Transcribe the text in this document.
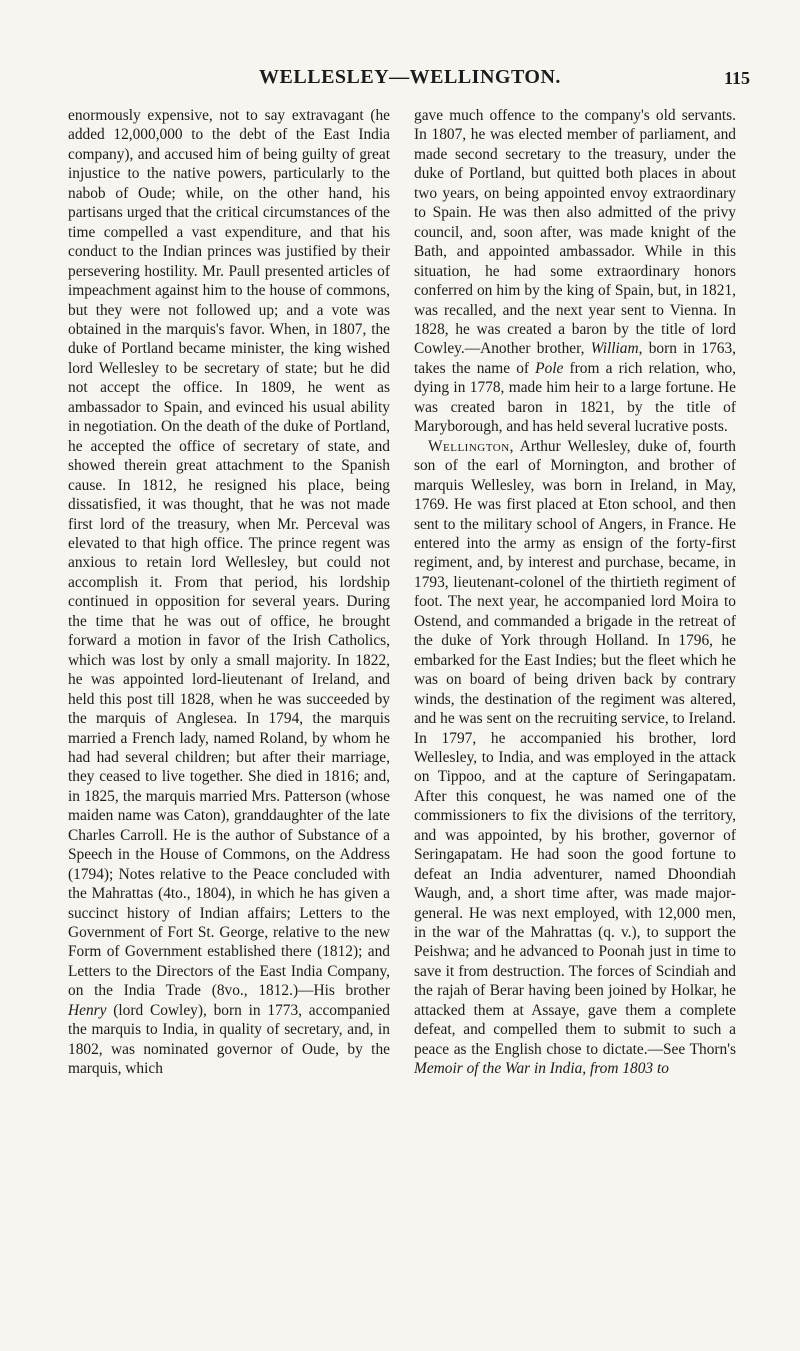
WELLESLEY—WELLINGTON.	115

enormously expensive, not to say extravagant (he added 12,000,000 to the debt of the East India company), and accused him of being guilty of great injustice to the native powers, particularly to the nabob of Oude; while, on the other hand, his partisans urged that the critical circumstances of the time compelled a vast expenditure, and that his conduct to the Indian princes was justified by their persevering hostility. Mr. Paull presented articles of impeachment against him to the house of commons, but they were not followed up; and a vote was obtained in the marquis's favor. When, in 1807, the duke of Portland became minister, the king wished lord Wellesley to be secretary of state; but he did not accept the office. In 1809, he went as ambassador to Spain, and evinced his usual ability in negotiation. On the death of the duke of Portland, he accepted the office of secretary of state, and showed therein great attachment to the Spanish cause. In 1812, he resigned his place, being dissatisfied, it was thought, that he was not made first lord of the treasury, when Mr. Perceval was elevated to that high office. The prince regent was anxious to retain lord Wellesley, but could not accomplish it. From that period, his lordship continued in opposition for several years. During the time that he was out of office, he brought forward a motion in favor of the Irish Catholics, which was lost by only a small majority. In 1822, he was appointed lord-lieutenant of Ireland, and held this post till 1828, when he was succeeded by the marquis of Anglesea. In 1794, the marquis married a French lady, named Roland, by whom he had had several children; but after their marriage, they ceased to live together. She died in 1816; and, in 1825, the marquis married Mrs. Patterson (whose maiden name was Caton), granddaughter of the late Charles Carroll. He is the author of Substance of a Speech in the House of Commons, on the Address (1794); Notes relative to the Peace concluded with the Mahrattas (4to., 1804), in which he has given a succinct history of Indian affairs; Letters to the Government of Fort St. George, relative to the new Form of Government established there (1812); and Letters to the Directors of the East India Company, on the India Trade (8vo., 1812.)—His brother Henry (lord Cowley), born in 1773, accompanied the marquis to India, in quality of secretary, and, in 1802, was nominated governor of Oude, by the marquis, which

gave much offence to the company's old servants. In 1807, he was elected member of parliament, and made second secretary to the treasury, under the duke of Portland, but quitted both places in about two years, on being appointed envoy extraordinary to Spain. He was then also admitted of the privy council, and, soon after, was made knight of the Bath, and appointed ambassador. While in this situation, he had some extraordinary honors conferred on him by the king of Spain, but, in 1821, was recalled, and the next year sent to Vienna. In 1828, he was created a baron by the title of lord Cowley.—Another brother, William, born in 1763, takes the name of Pole from a rich relation, who, dying in 1778, made him heir to a large fortune. He was created baron in 1821, by the title of Maryborough, and has held several lucrative posts.

Wellington, Arthur Wellesley, duke of, fourth son of the earl of Mornington, and brother of marquis Wellesley, was born in Ireland, in May, 1769. He was first placed at Eton school, and then sent to the military school of Angers, in France. He entered into the army as ensign of the forty-first regiment, and, by interest and purchase, became, in 1793, lieutenant-colonel of the thirtieth regiment of foot. The next year, he accompanied lord Moira to Ostend, and commanded a brigade in the retreat of the duke of York through Holland. In 1796, he embarked for the East Indies; but the fleet which he was on board of being driven back by contrary winds, the destination of the regiment was altered, and he was sent on the recruiting service, to Ireland. In 1797, he accompanied his brother, lord Wellesley, to India, and was employed in the attack on Tippoo, and at the capture of Seringapatam. After this conquest, he was named one of the commissioners to fix the divisions of the territory, and was appointed, by his brother, governor of Seringapatam. He had soon the good fortune to defeat an India adventurer, named Dhoondiah Waugh, and, a short time after, was made major-general. He was next employed, with 12,000 men, in the war of the Mahrattas (q. v.), to support the Peishwa; and he advanced to Poonah just in time to save it from destruction. The forces of Scindiah and the rajah of Berar having been joined by Holkar, he attacked them at Assaye, gave them a complete defeat, and compelled them to submit to such a peace as the English chose to dictate.—See Thorn's Memoir of the War in India, from 1803 to
